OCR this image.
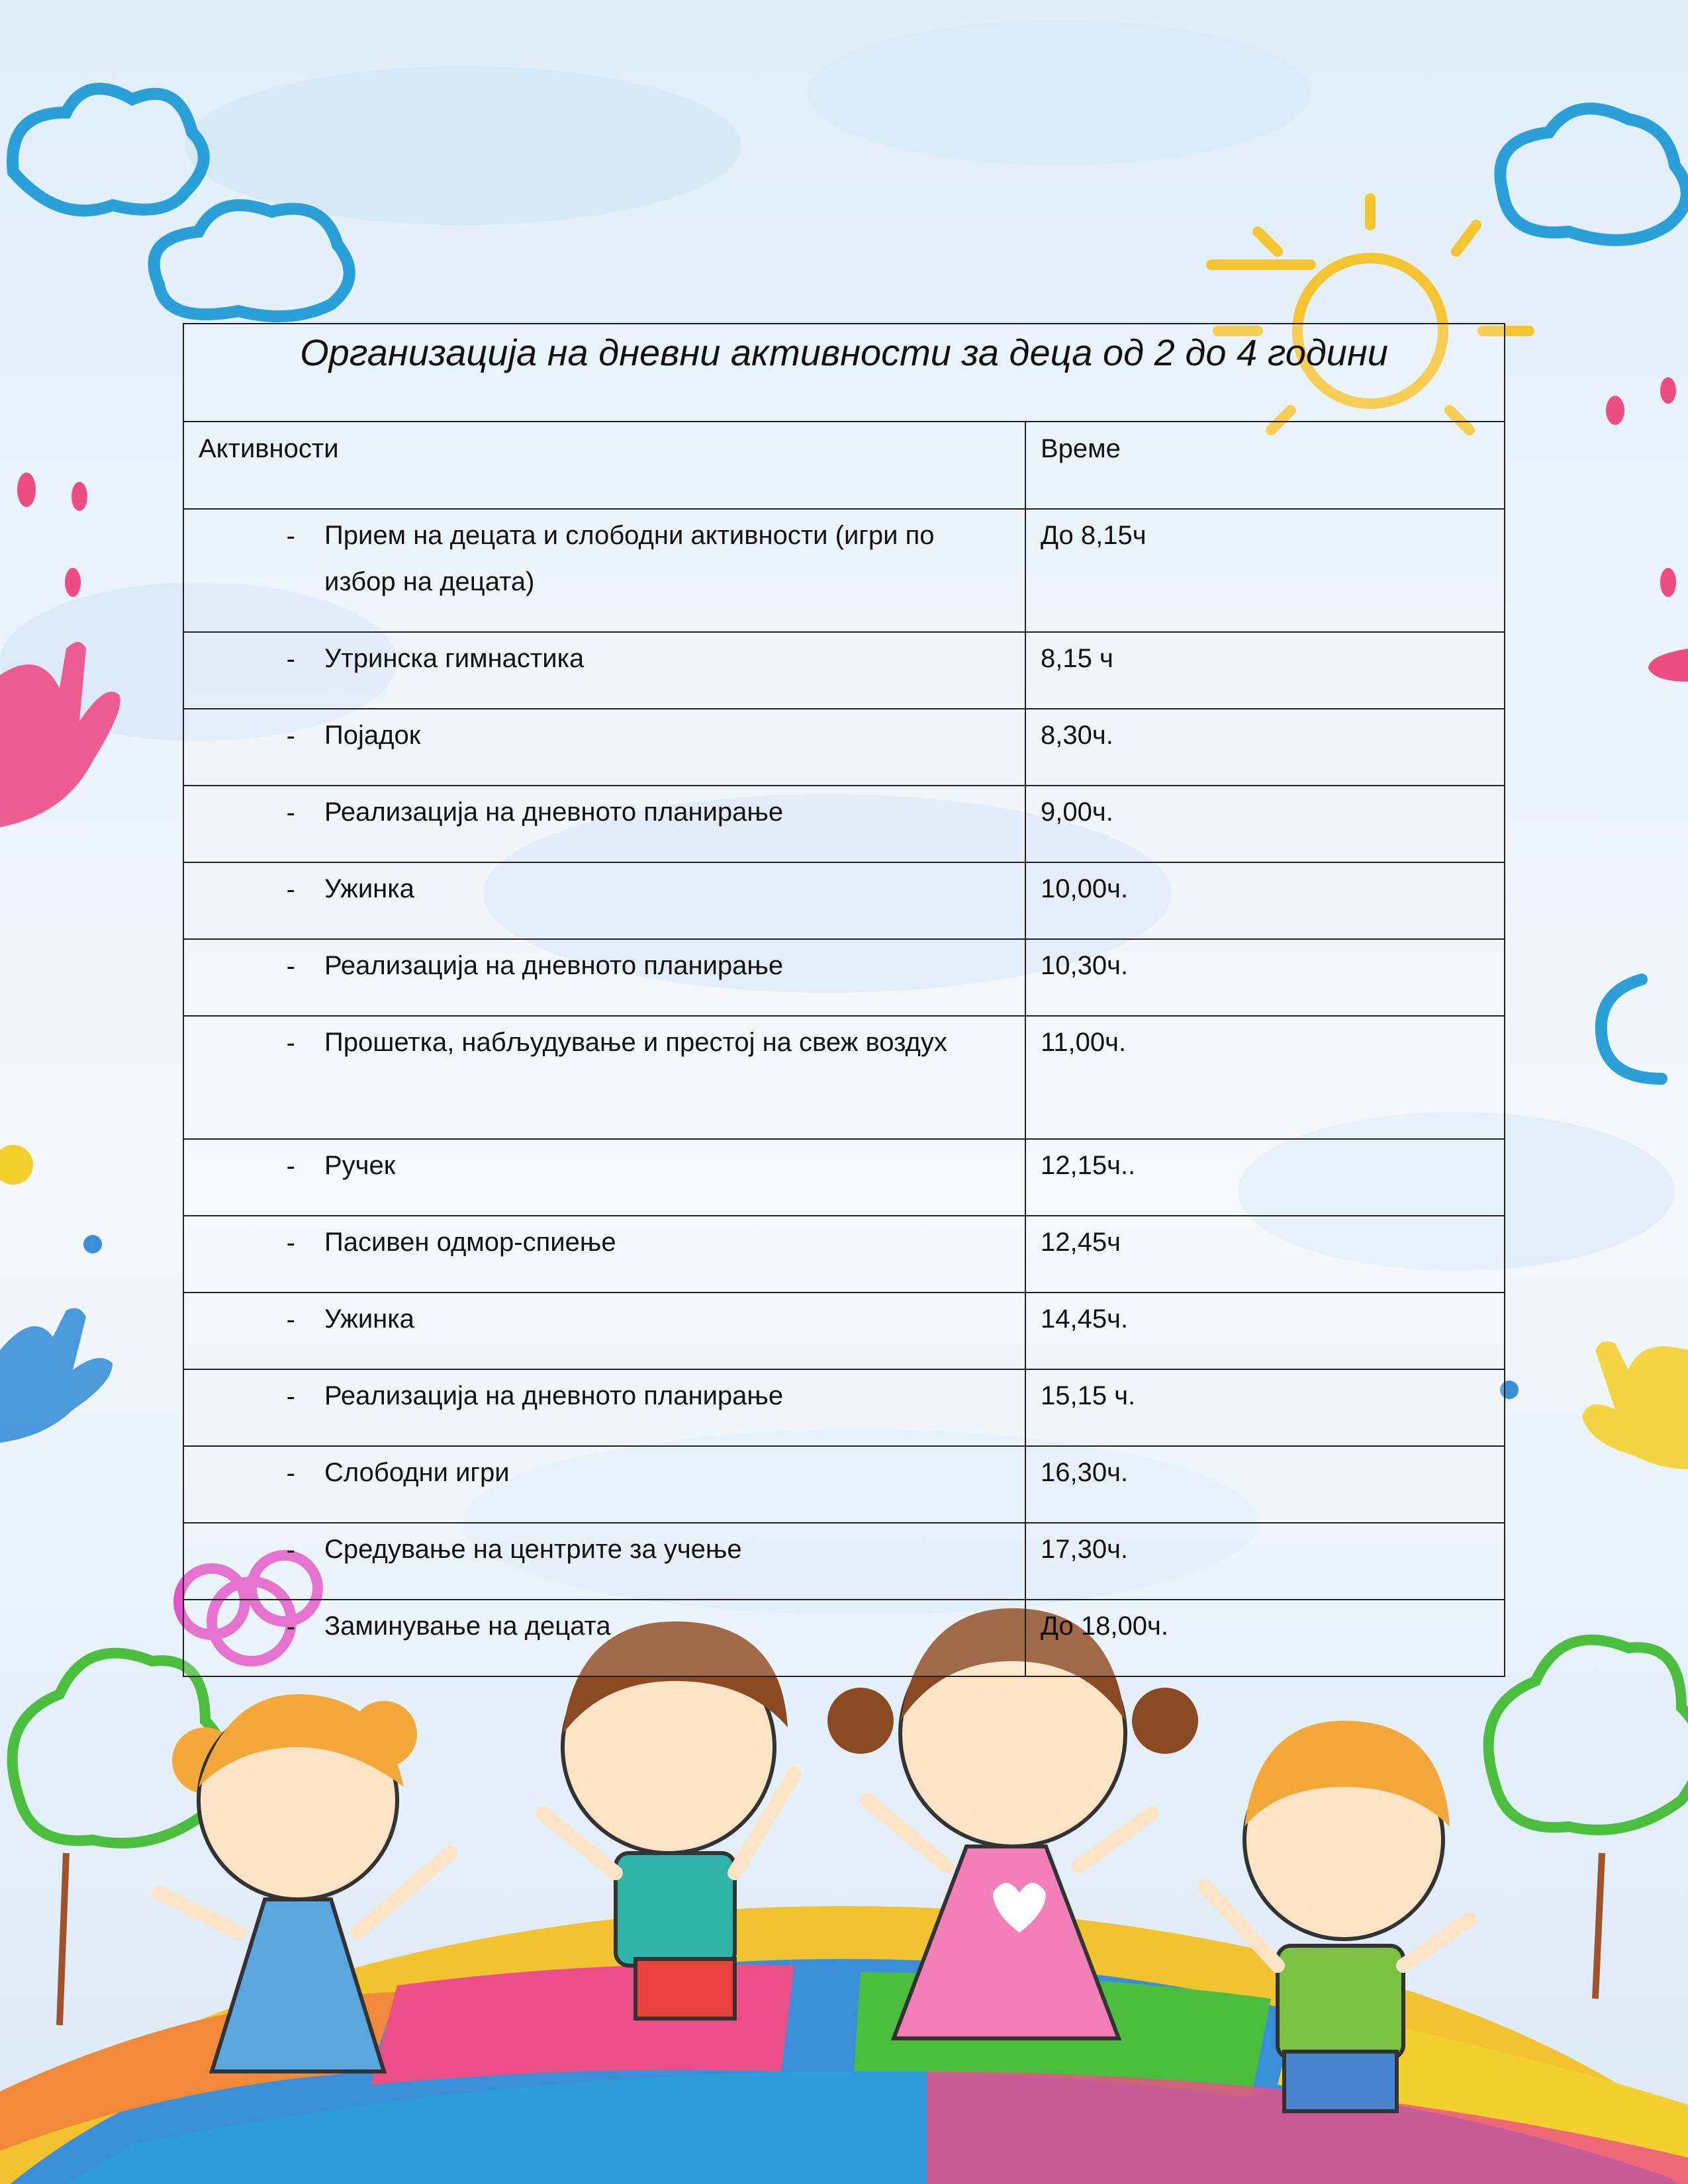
Организација на дневни активности за деца од 2 до 4 години	
Активности	Време

- Прием на децата и слободни активности (игри по избор на децата)	До 8,15ч

- Утринска гимнастика	8,15 ч

- Појадок	8,30ч.

- Реализација на дневното планирање	9,00ч.

- Ужинка	10,00ч.

- Реализација на дневното планирање	10,30ч.

- Прошетка, набљудување и престој на свеж воздух	11,00ч.

- Ручек	12,15ч..

- Пасивен одмор-спиење	12,45ч

- Ужинка	14,45ч.

- Реализација на дневното планирање	15,15 ч.

- Слободни игри	16,30ч.

- Средување на центрите за учење	17,30ч.

- Заминување на децата	До 18,00ч.
